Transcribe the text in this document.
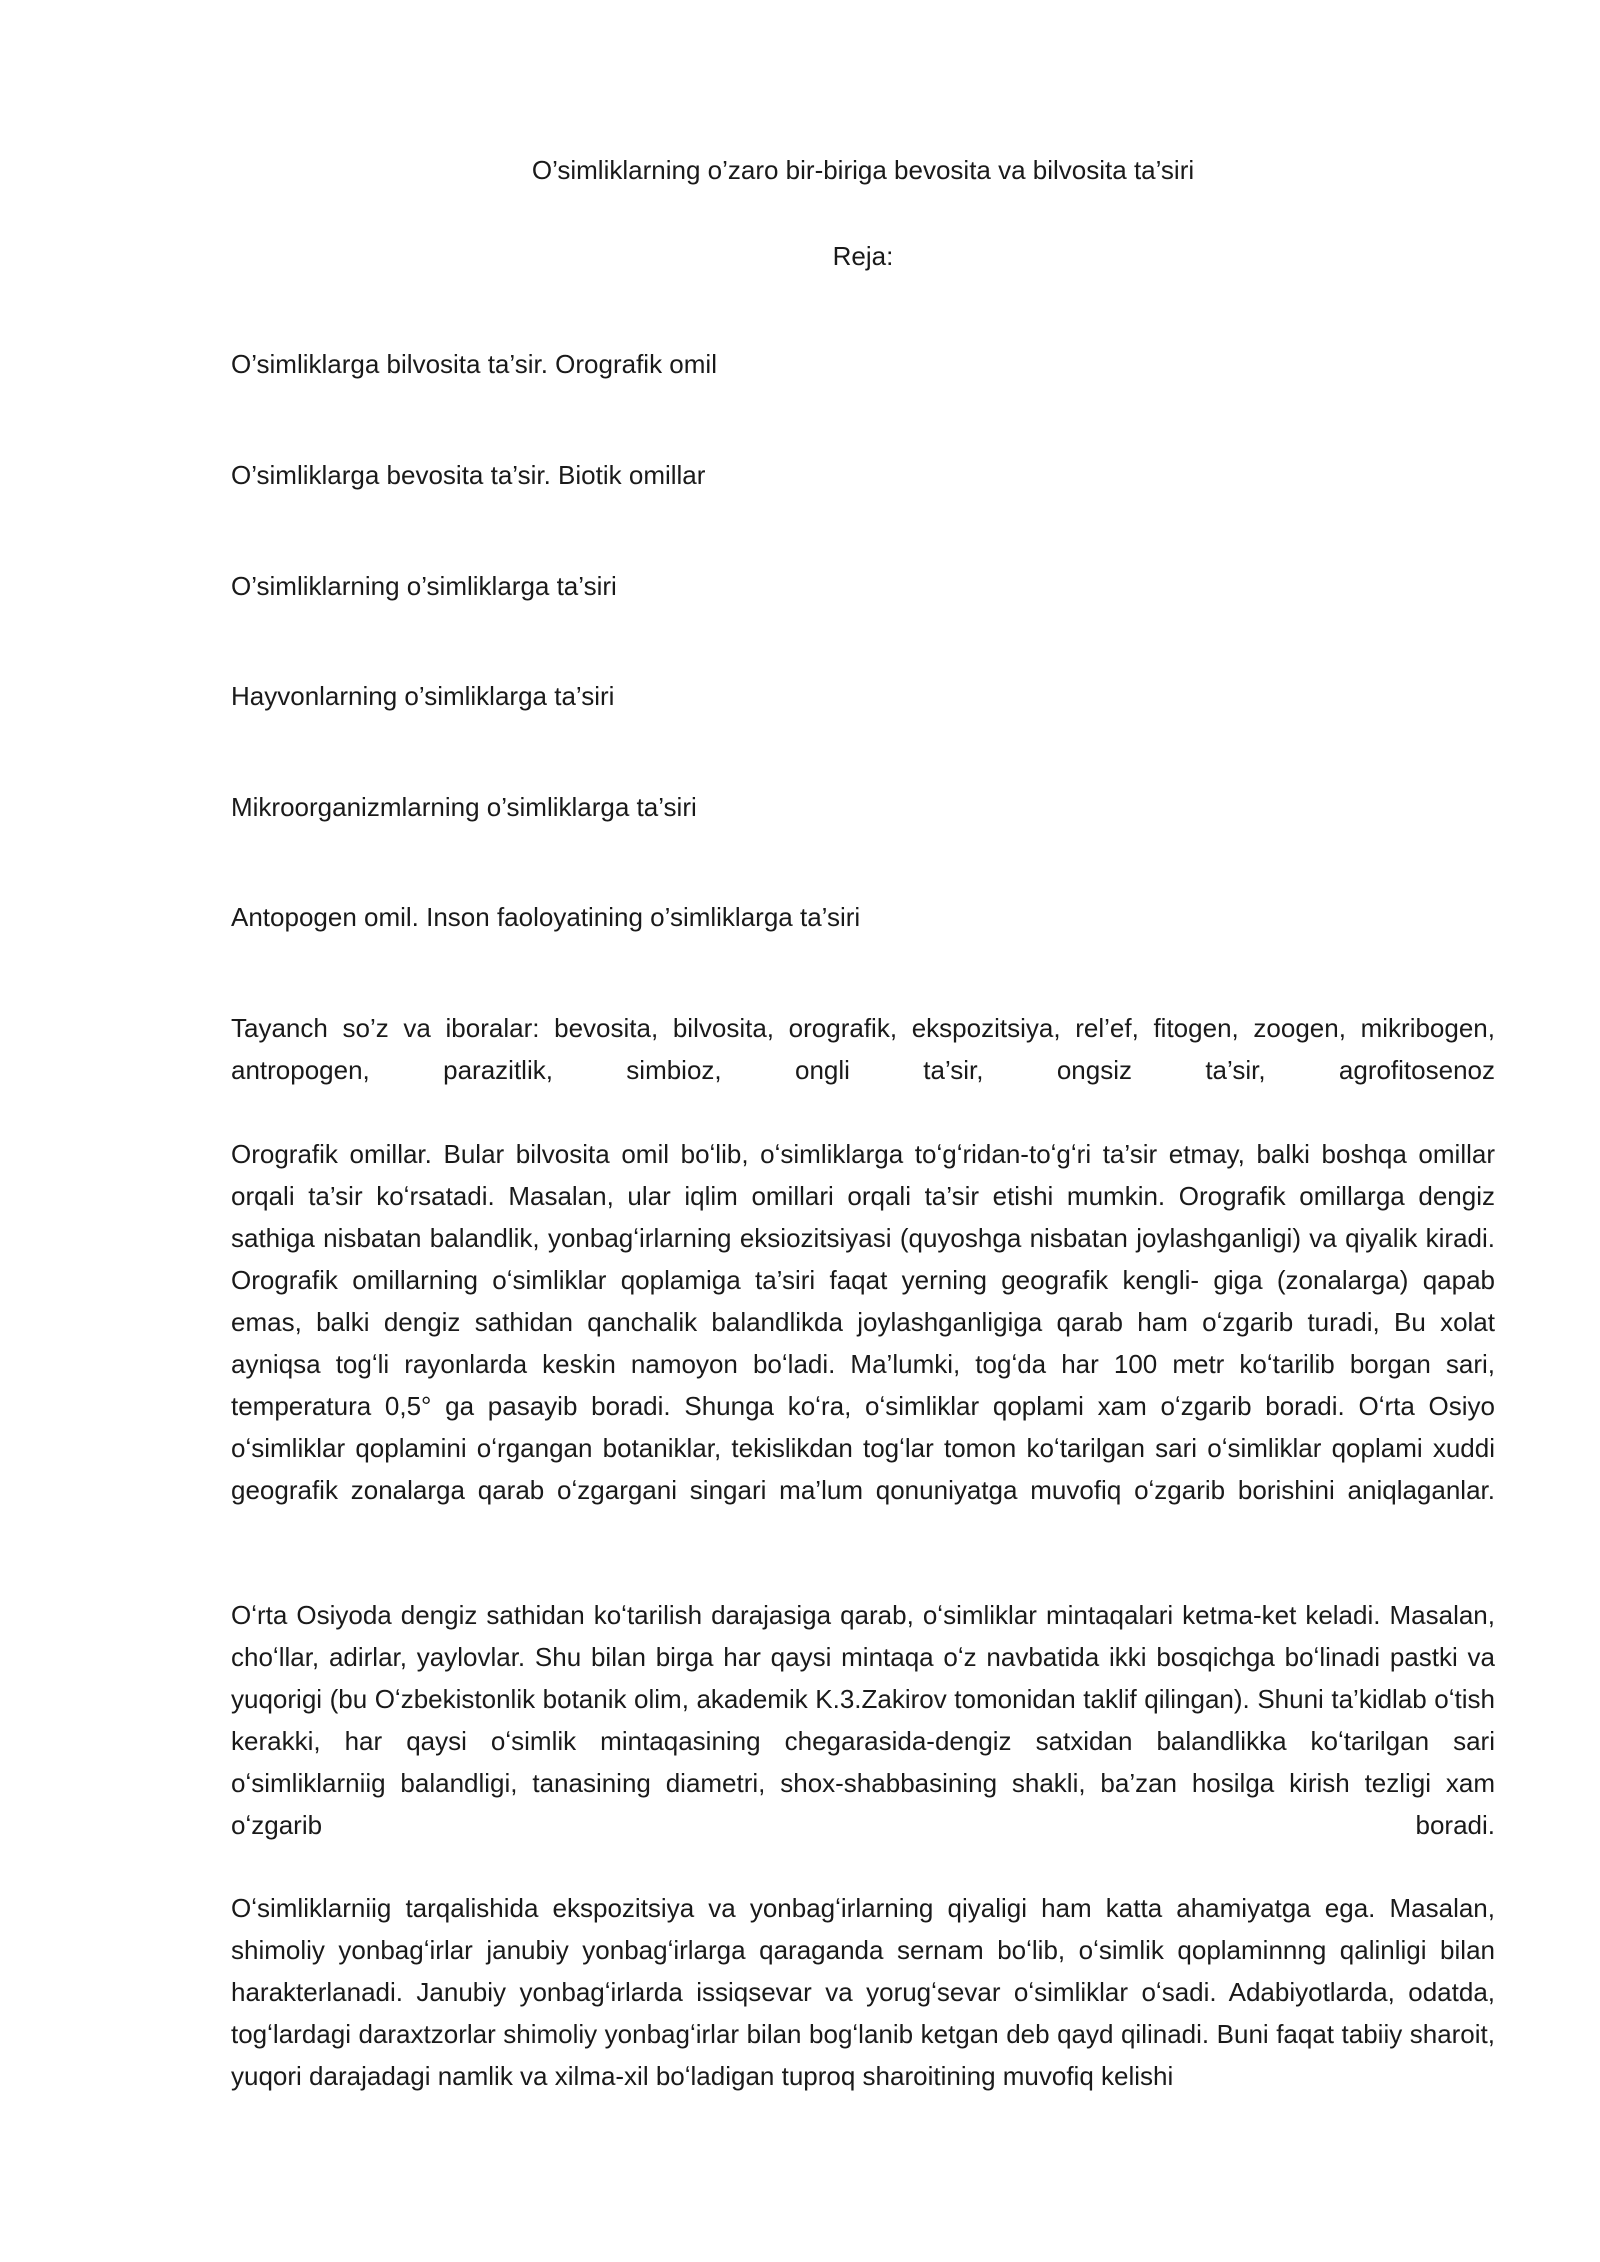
O’simliklarning o’zaro bir-biriga bevosita va bilvosita ta’siri

Reja:

O’simliklarga bilvosita ta’sir. Orografik omil

O’simliklarga bevosita ta’sir. Biotik omillar

O’simliklarning o’simliklarga ta’siri

Hayvonlarning o’simliklarga ta’siri

Mikroorganizmlarning o’simliklarga ta’siri

Antopogen omil. Inson faoloyatining o’simliklarga ta’siri

Tayanch so’z va iboralar: bevosita, bilvosita, orografik, ekspozitsiya, rel’ef, fitogen, zoogen, mikribogen, antropogen, parazitlik, simbioz, ongli ta’sir, ongsiz ta’sir, agrofitosenoz

Orografik omillar. Bular bilvosita omil boʻlib, oʻsimliklarga toʻgʻridan-toʻgʻri ta’sir etmay, balki boshqa omillar orqali ta’sir koʻrsatadi. Masalan, ular iqlim omillari orqali ta’sir etishi mumkin. Orografik omillarga dengiz sathiga nisbatan balandlik, yonbagʻirlarning eksiozitsiyasi (quyoshga nisbatan joylashganligi) va qiyalik kiradi. Orografik omillarning oʻsimliklar qoplamiga ta’siri faqat yerning geografik kengli- giga (zonalarga) qapab emas, balki dengiz sathidan qanchalik balandlikda joylashganligiga qarab ham oʻzgarib turadi, Bu xolat ayniqsa togʻli rayonlarda keskin namoyon boʻladi. Ma’lumki, togʻda har 100 metr koʻtarilib borgan sari, temperatura 0,5° ga pasayib boradi. Shunga koʻra, oʻsimliklar qoplami xam oʻzgarib boradi. Oʻrta Osiyo oʻsimliklar qoplamini oʻrgangan botaniklar, tekislikdan togʻlar tomon koʻtarilgan sari oʻsimliklar qoplami xuddi geografik zonalarga qarab oʻzgargani singari ma’lum qonuniyatga muvofiq oʻzgarib borishini aniqlaganlar.

Oʻrta Osiyoda dengiz sathidan koʻtarilish darajasiga qarab, oʻsimliklar mintaqalari ketma-ket keladi. Masalan, choʻllar, adirlar, yaylovlar. Shu bilan birga har qaysi mintaqa oʻz navbatida ikki bosqichga boʻlinadi pastki va yuqorigi (bu Oʻzbekistonlik botanik olim, akademik K.3.Zakirov tomonidan taklif qilingan). Shuni ta’kidlab oʻtish kerakki, har qaysi oʻsimlik mintaqasining chegarasida-dengiz satxidan balandlikka koʻtarilgan sari oʻsimliklarniig balandligi, tanasining diametri, shox-shabbasining shakli, ba’zan hosilga kirish tezligi xam oʻzgarib boradi.

Oʻsimliklarniig tarqalishida ekspozitsiya va yonbagʻirlarning qiyaligi ham katta ahamiyatga ega. Masalan, shimoliy yonbagʻirlar janubiy yonbagʻirlarga qaraganda sernam boʻlib, oʻsimlik qoplaminnng qalinligi bilan harakterlanadi. Janubiy yonbagʻirlarda issiqsevar va yorugʻsevar oʻsimliklar oʻsadi. Adabiyotlarda, odatda, togʻlardagi daraxtzorlar shimoliy yonbagʻirlar bilan bogʻlanib ketgan deb qayd qilinadi. Buni faqat tabiiy sharoit, yuqori darajadagi namlik va xilma-xil boʻladigan tuproq sharoitining muvofiq kelishi
